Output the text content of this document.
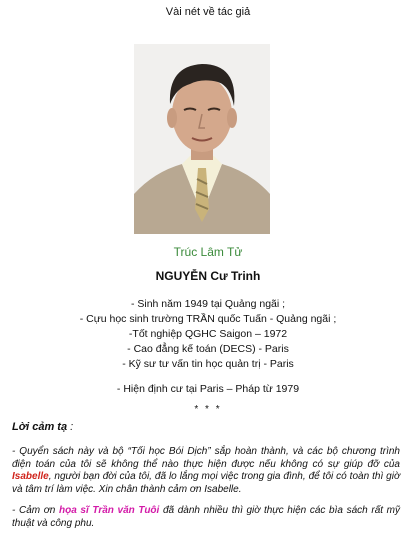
Vài nét về tác giả
Trúc Lâm Tử
NGUYỄN Cư Trinh
- Sinh năm 1949 tại Quảng ngãi ;
- Cựu học sinh trường TRẦN quốc Tuấn - Quảng ngãi ;
-Tốt nghiệp QGHC Saigon – 1972
- Cao đẳng kế toán (DECS) - Paris
- Kỹ sư tư vấn tin học quản trị - Paris
- Hiện định cư tại Paris – Pháp từ 1979
* * *
Lời cảm tạ :
- Quyển sách này và bộ “Tối học Bói Dịch” sắp hoàn thành, và các bộ chương trình điện toán của tôi sẽ không thể nào thực hiện được nếu không có sự giúp đỡ của Isabelle, người bạn đời của tôi, đã lo lắng mọi việc trong gia đình, để tôi có toàn thì giờ và tâm trí làm việc. Xin chân thành cảm ơn Isabelle.
- Cảm ơn họa sĩ Trần văn Tuôi đã dành nhiều thì giờ thực hiện các bìa sách rất mỹ thuật và công phu.
